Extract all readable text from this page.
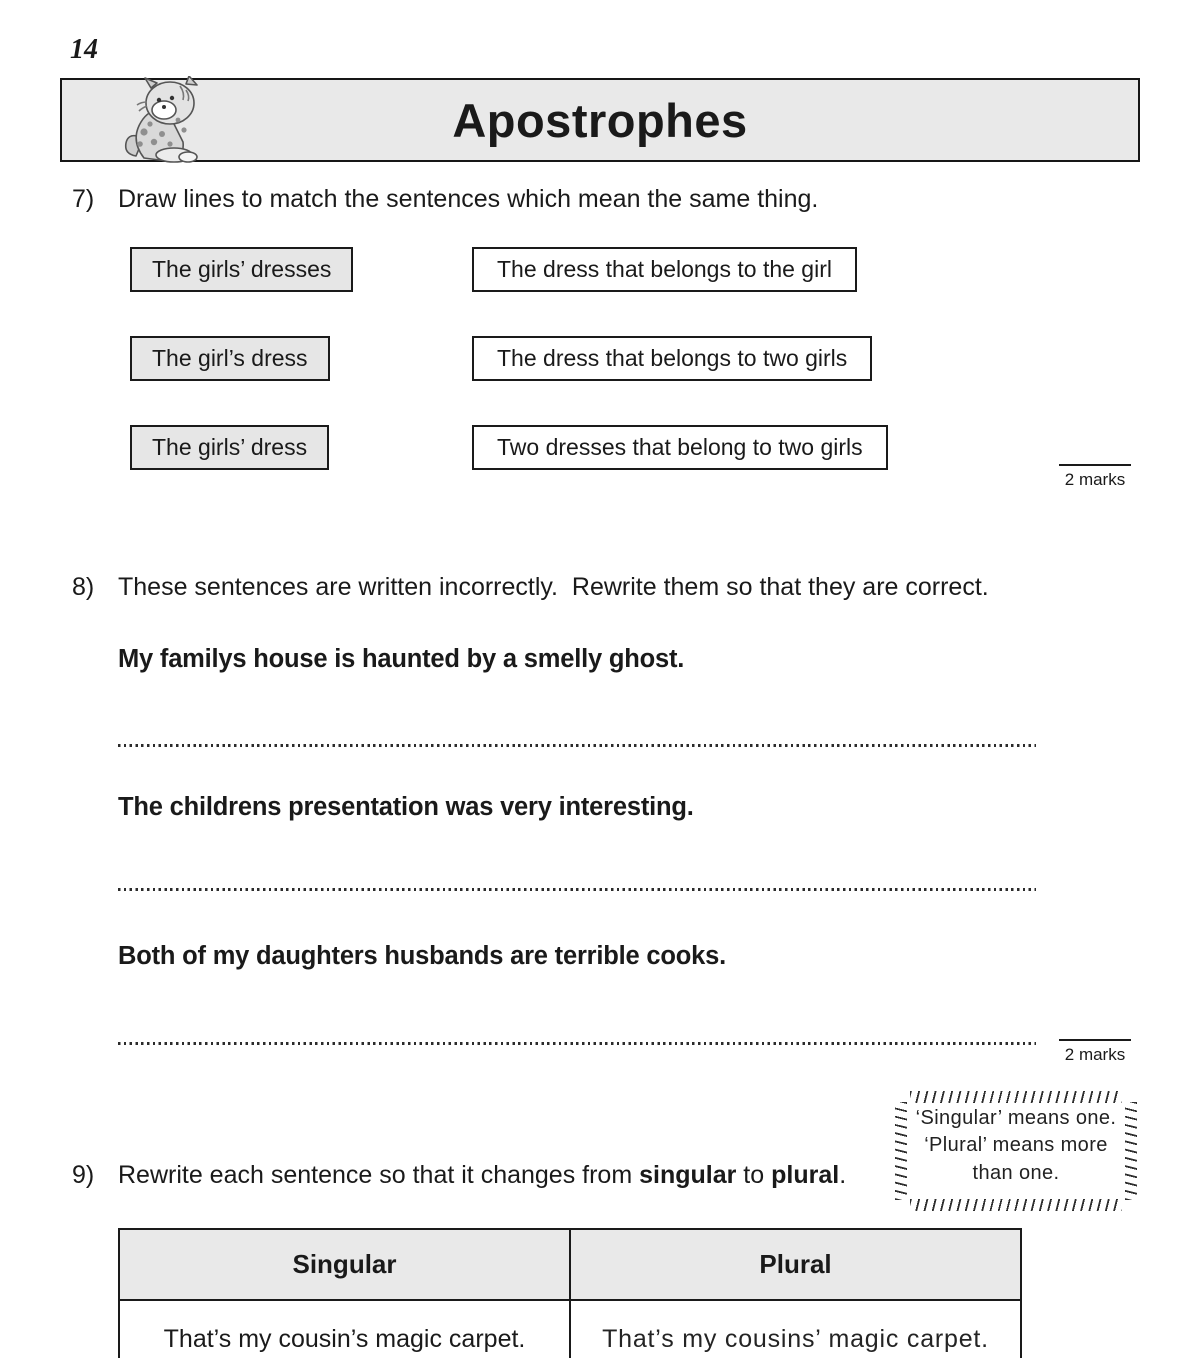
14
Apostrophes
7) Draw lines to match the sentences which mean the same thing.
The girls’ dresses	The dress that belongs to the girl
The girl’s dress	The dress that belongs to two girls
The girls’ dress	Two dresses that belong to two girls
2 marks
8) These sentences are written incorrectly.  Rewrite them so that they are correct.
My familys house is haunted by a smelly ghost.
The childrens presentation was very interesting.
Both of my daughters husbands are terrible cooks.
2 marks
‘Singular’ means one.
‘Plural’ means more
than one.
9) Rewrite each sentence so that it changes from singular to plural.
Singular	Plural
That’s my cousin’s magic carpet.	That’s my cousins’ magic carpet.
